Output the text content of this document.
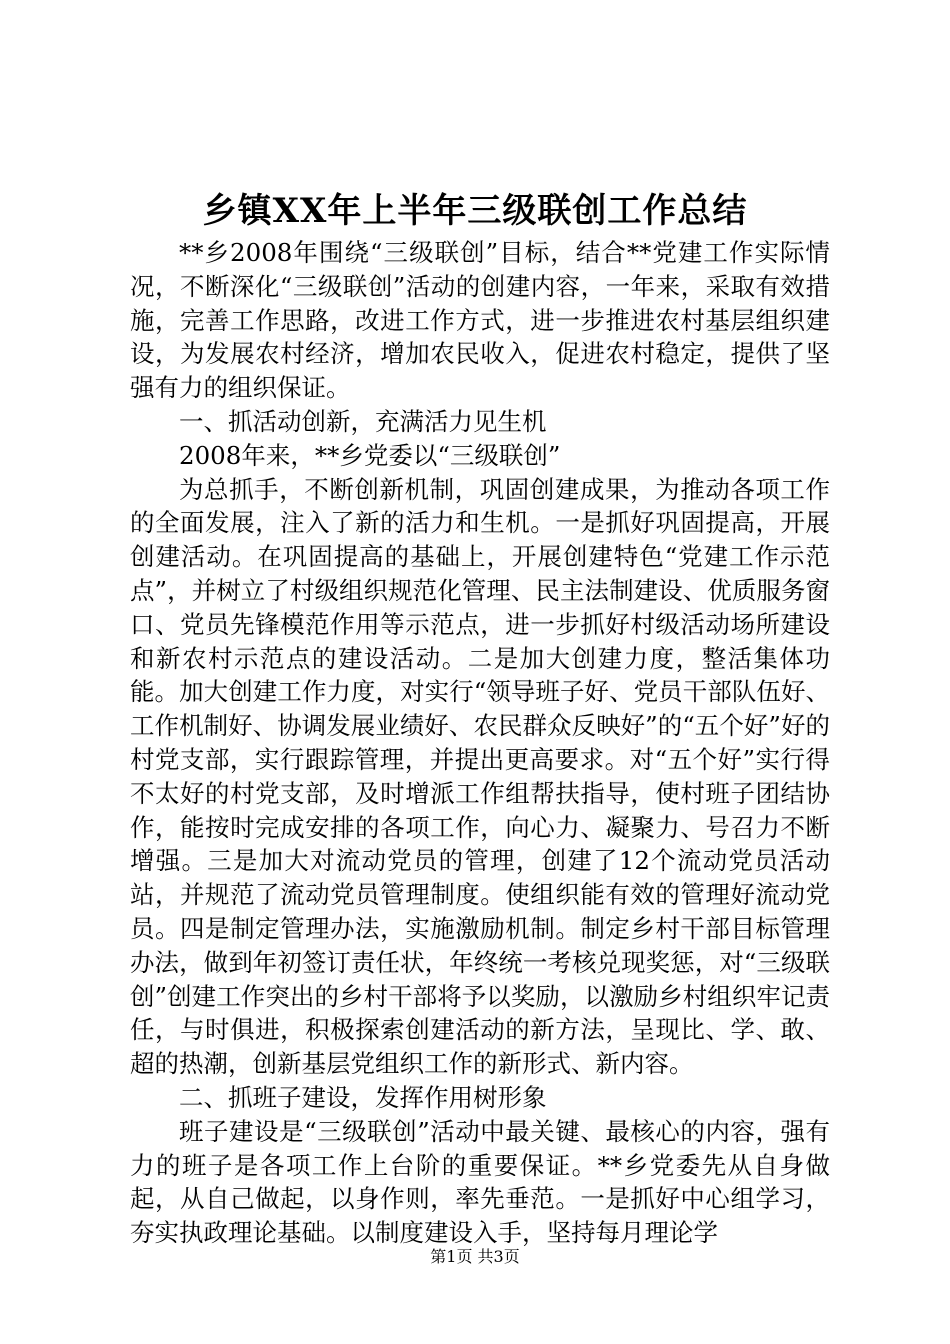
乡镇XX年上半年三级联创工作总结

**乡2008年围绕“三级联创”目标，结合**党建工作实际情况，不断深化“三级联创”活动的创建内容，一年来，采取有效措施，完善工作思路，改进工作方式，进一步推进农村基层组织建设，为发展农村经济，增加农民收入，促进农村稳定，提供了坚强有力的组织保证。

一、抓活动创新，充满活力见生机

2008年来，**乡党委以“三级联创”

为总抓手，不断创新机制，巩固创建成果，为推动各项工作的全面发展，注入了新的活力和生机。一是抓好巩固提高，开展创建活动。在巩固提高的基础上，开展创建特色“党建工作示范点”，并树立了村级组织规范化管理、民主法制建设、优质服务窗口、党员先锋模范作用等示范点，进一步抓好村级活动场所建设和新农村示范点的建设活动。二是加大创建力度，整活集体功能。加大创建工作力度，对实行“领导班子好、党员干部队伍好、工作机制好、协调发展业绩好、农民群众反映好”的“五个好”好的村党支部，实行跟踪管理，并提出更高要求。对“五个好”实行得不太好的村党支部，及时增派工作组帮扶指导，使村班子团结协作，能按时完成安排的各项工作，向心力、凝聚力、号召力不断增强。三是加大对流动党员的管理，创建了12个流动党员活动站，并规范了流动党员管理制度。使组织能有效的管理好流动党员。四是制定管理办法，实施激励机制。制定乡村干部目标管理办法，做到年初签订责任状，年终统一考核兑现奖惩，对“三级联创”创建工作突出的乡村干部将予以奖励，以激励乡村组织牢记责任，与时俱进，积极探索创建活动的新方法，呈现比、学、敢、超的热潮，创新基层党组织工作的新形式、新内容。

二、抓班子建设，发挥作用树形象

班子建设是“三级联创”活动中最关键、最核心的内容，强有力的班子是各项工作上台阶的重要保证。**乡党委先从自身做起，从自己做起，以身作则，率先垂范。一是抓好中心组学习，夯实执政理论基础。以制度建设入手，坚持每月理论学

第1页 共3页
